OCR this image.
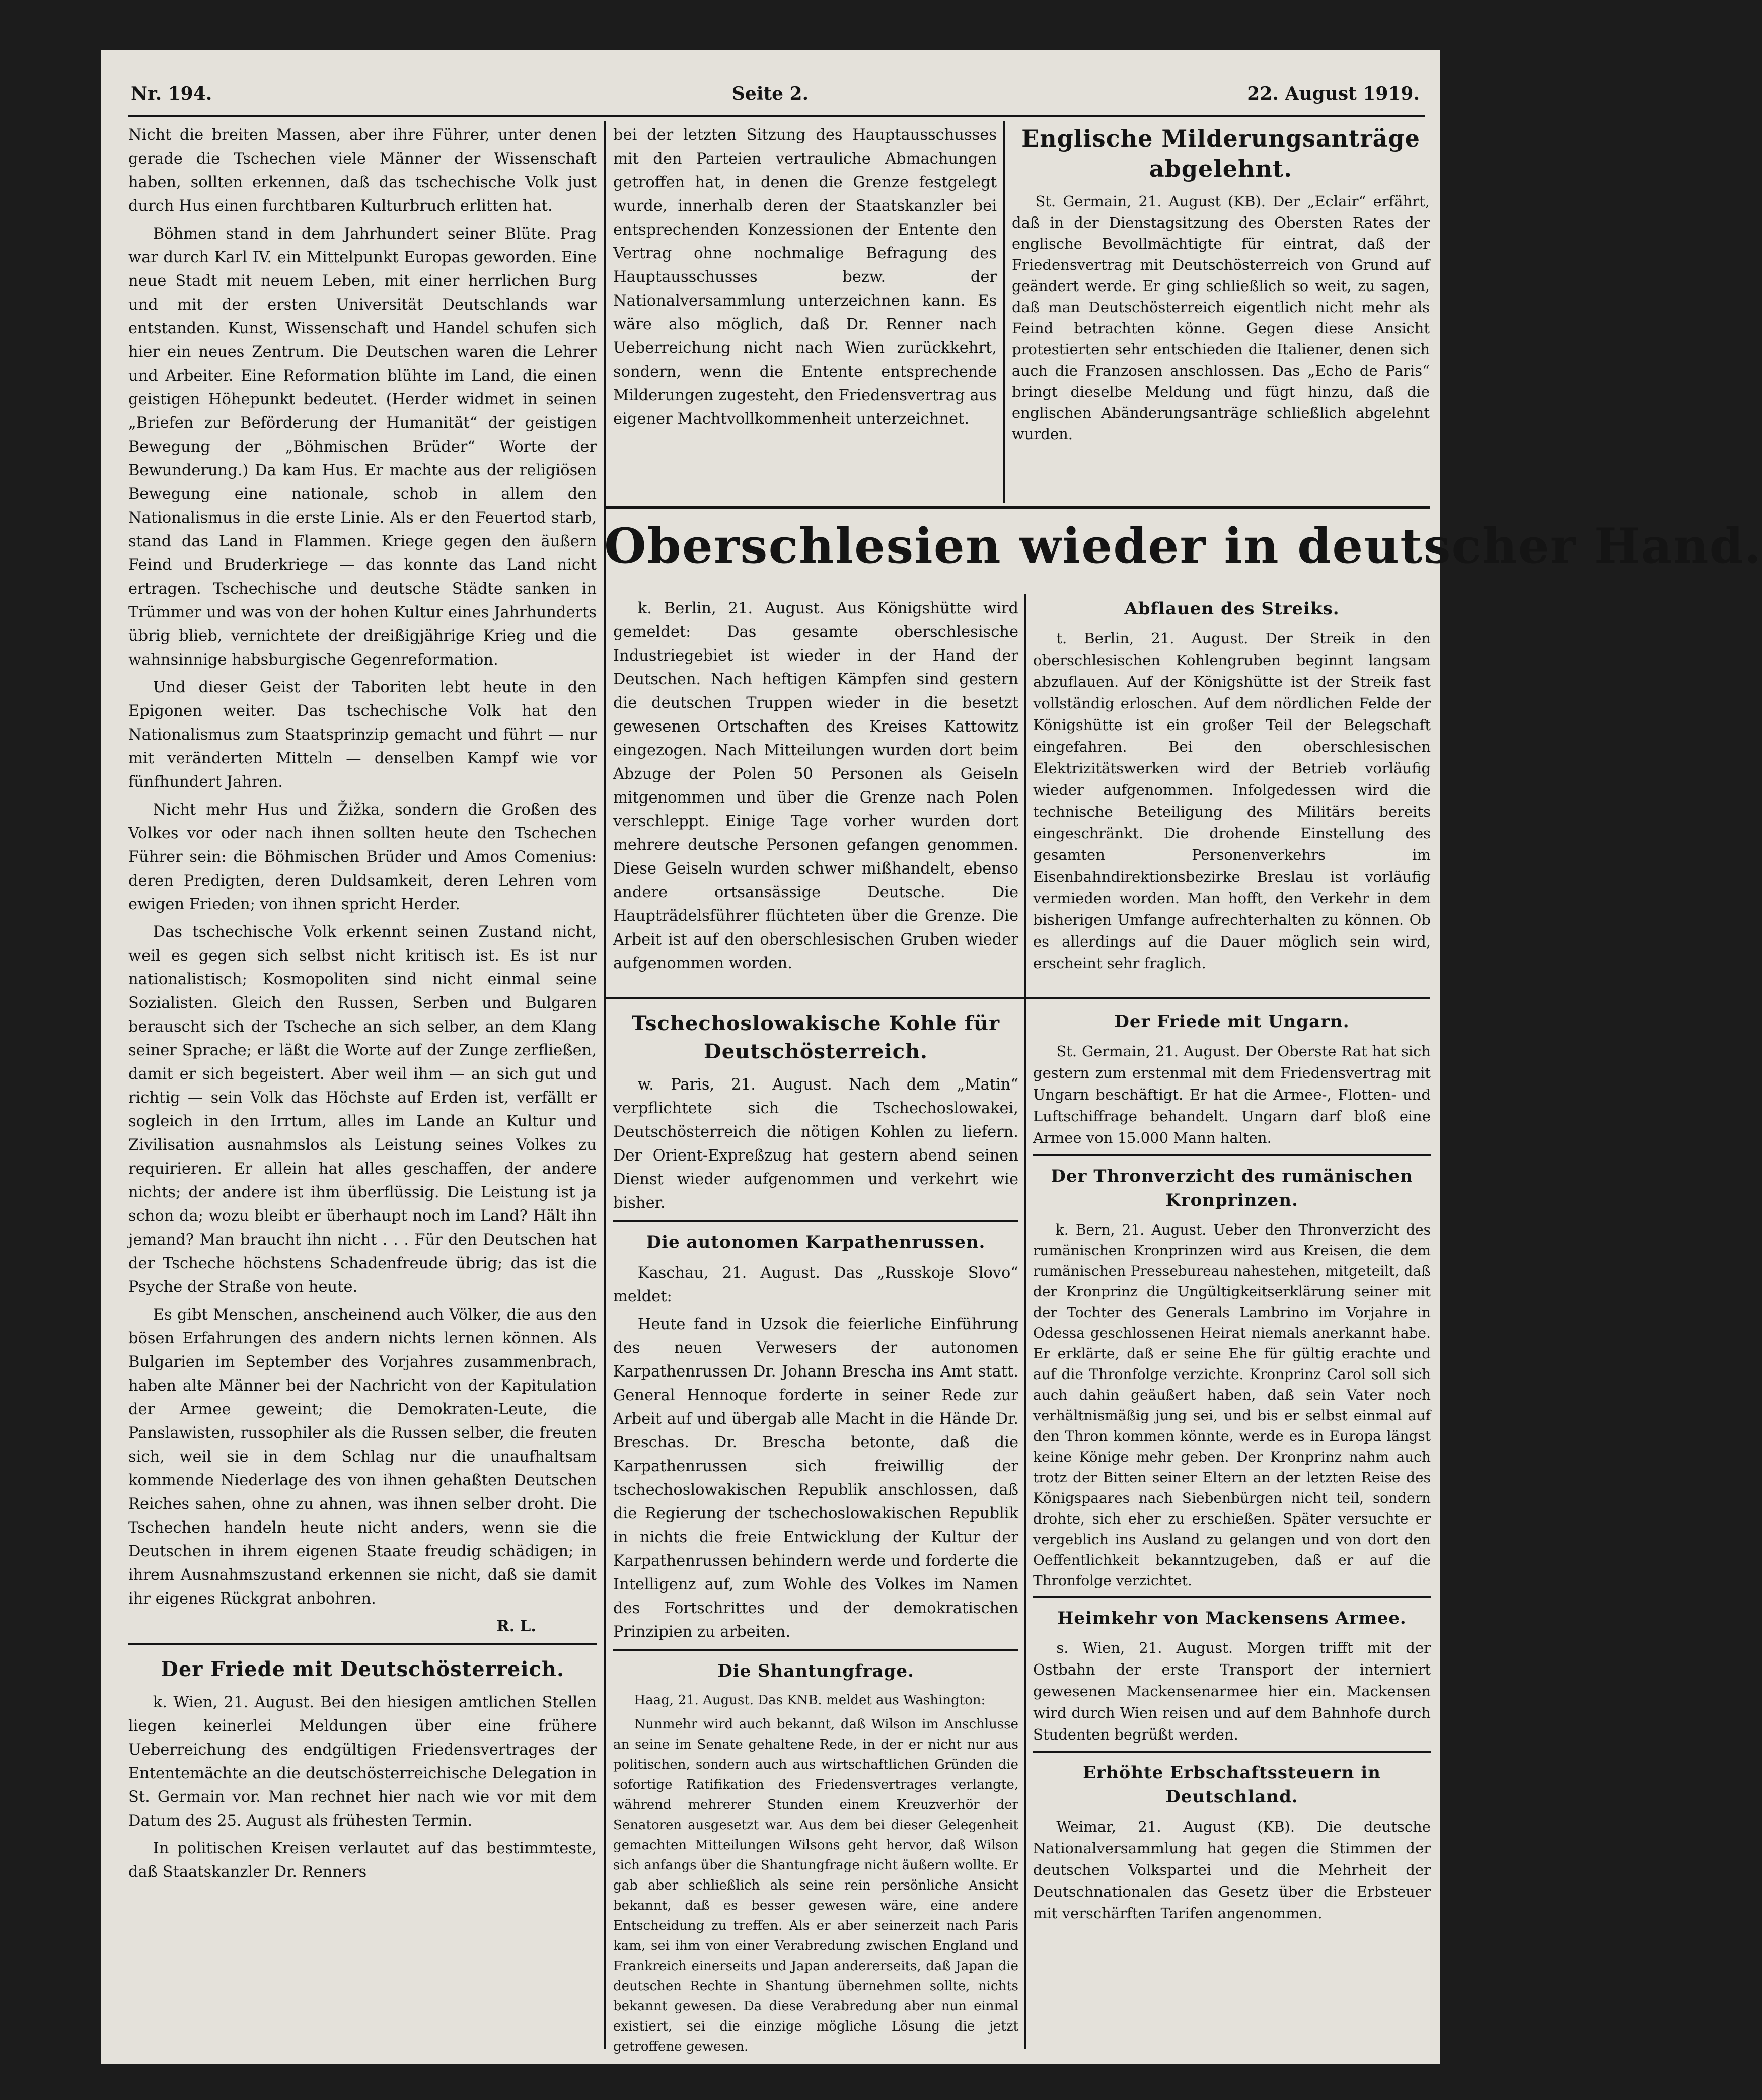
Nr. 194.	Seite 2.	22. August 1919.

Nicht die breiten Massen, aber ihre Führer, unter denen gerade die Tschechen viele Männer der Wissenschaft haben, sollten erkennen, daß das tschechische Volk just durch Hus einen furchtbaren Kulturbruch erlitten hat.

Böhmen stand in dem Jahrhundert seiner Blüte. Prag war durch Karl IV. ein Mittelpunkt Europas geworden. Eine neue Stadt mit neuem Leben, mit einer herrlichen Burg und mit der ersten Universität Deutschlands war entstanden. Kunst, Wissenschaft und Handel schufen sich hier ein neues Zentrum. Die Deutschen waren die Lehrer und Arbeiter. Eine Reformation blühte im Land, die einen geistigen Höhepunkt bedeutet. (Herder widmet in seinen „Briefen zur Beförderung der Humanität“ der geistigen Bewegung der „Böhmischen Brüder“ Worte der Bewunderung.) Da kam Hus. Er machte aus der religiösen Bewegung eine nationale, schob in allem den Nationalismus in die erste Linie. Als er den Feuertod starb, stand das Land in Flammen. Kriege gegen den äußern Feind und Bruderkriege — das konnte das Land nicht ertragen. Tschechische und deutsche Städte sanken in Trümmer und was von der hohen Kultur eines Jahrhunderts übrig blieb, vernichtete der dreißigjährige Krieg und die wahnsinnige habsburgische Gegenreformation.

Und dieser Geist der Taboriten lebt heute in den Epigonen weiter. Das tschechische Volk hat den Nationalismus zum Staatsprinzip gemacht und führt — nur mit veränderten Mitteln — denselben Kampf wie vor fünfhundert Jahren.

Nicht mehr Hus und Žižka, sondern die Großen des Volkes vor oder nach ihnen sollten heute den Tschechen Führer sein: die Böhmischen Brüder und Amos Comenius: deren Predigten, deren Duldsamkeit, deren Lehren vom ewigen Frieden; von ihnen spricht Herder.

Das tschechische Volk erkennt seinen Zustand nicht, weil es gegen sich selbst nicht kritisch ist. Es ist nur nationalistisch; Kosmopoliten sind nicht einmal seine Sozialisten. Gleich den Russen, Serben und Bulgaren berauscht sich der Tscheche an sich selber, an dem Klang seiner Sprache; er läßt die Worte auf der Zunge zerfließen, damit er sich begeistert. Aber weil ihm — an sich gut und richtig — sein Volk das Höchste auf Erden ist, verfällt er sogleich in den Irrtum, alles im Lande an Kultur und Zivilisation ausnahmslos als Leistung seines Volkes zu requirieren. Er allein hat alles geschaffen, der andere nichts; der andere ist ihm überflüssig. Die Leistung ist ja schon da; wozu bleibt er überhaupt noch im Land? Hält ihn jemand? Man braucht ihn nicht . . . Für den Deutschen hat der Tscheche höchstens Schadenfreude übrig; das ist die Psyche der Straße von heute.

Es gibt Menschen, anscheinend auch Völker, die aus den bösen Erfahrungen des andern nichts lernen können. Als Bulgarien im September des Vorjahres zusammenbrach, haben alte Männer bei der Nachricht von der Kapitulation der Armee geweint; die Demokraten-Leute, die Panslawisten, russophiler als die Russen selber, die freuten sich, weil sie in dem Schlag nur die unaufhaltsam kommende Niederlage des von ihnen gehaßten Deutschen Reiches sahen, ohne zu ahnen, was ihnen selber droht. Die Tschechen handeln heute nicht anders, wenn sie die Deutschen in ihrem eigenen Staate freudig schädigen; in ihrem Ausnahmszustand erkennen sie nicht, daß sie damit ihr eigenes Rückgrat anbohren.

R. L.

Der Friede mit Deutschösterreich.

k. Wien, 21. August. Bei den hiesigen amtlichen Stellen liegen keinerlei Meldungen über eine frühere Ueberreichung des endgültigen Friedensvertrages der Ententemächte an die deutschösterreichische Delegation in St. Germain vor. Man rechnet hier nach wie vor mit dem Datum des 25. August als frühesten Termin.

In politischen Kreisen verlautet auf das bestimmteste, daß Staatskanzler Dr. Renners

bei der letzten Sitzung des Hauptausschusses mit den Parteien vertrauliche Abmachungen getroffen hat, in denen die Grenze festgelegt wurde, innerhalb deren der Staatskanzler bei entsprechenden Konzessionen der Entente den Vertrag ohne nochmalige Befragung des Hauptausschusses bezw. der Nationalversammlung unterzeichnen kann. Es wäre also möglich, daß Dr. Renner nach Ueberreichung nicht nach Wien zurückkehrt, sondern, wenn die Entente entsprechende Milderungen zugesteht, den Friedensvertrag aus eigener Machtvollkommenheit unterzeichnet.

Englische Milderungsanträge abgelehnt.

St. Germain, 21. August (KB). Der „Eclair“ erfährt, daß in der Dienstagsitzung des Obersten Rates der englische Bevollmächtigte für eintrat, daß der Friedensvertrag mit Deutschösterreich von Grund auf geändert werde. Er ging schließlich so weit, zu sagen, daß man Deutschösterreich eigentlich nicht mehr als Feind betrachten könne. Gegen diese Ansicht protestierten sehr entschieden die Italiener, denen sich auch die Franzosen anschlossen. Das „Echo de Paris“ bringt dieselbe Meldung und fügt hinzu, daß die englischen Abänderungsanträge schließlich abgelehnt wurden.

Oberschlesien wieder in deutscher Hand.

k. Berlin, 21. August. Aus Königshütte wird gemeldet: Das gesamte oberschlesische Industriegebiet ist wieder in der Hand der Deutschen. Nach heftigen Kämpfen sind gestern die deutschen Truppen wieder in die besetzt gewesenen Ortschaften des Kreises Kattowitz eingezogen. Nach Mitteilungen wurden dort beim Abzuge der Polen 50 Personen als Geiseln mitgenommen und über die Grenze nach Polen verschleppt. Einige Tage vorher wurden dort mehrere deutsche Personen gefangen genommen. Diese Geiseln wurden schwer mißhandelt, ebenso andere ortsansässige Deutsche. Die Haupträdelsführer flüchteten über die Grenze. Die Arbeit ist auf den oberschlesischen Gruben wieder aufgenommen worden.

Abflauen des Streiks.

t. Berlin, 21. August. Der Streik in den oberschlesischen Kohlengruben beginnt langsam abzuflauen. Auf der Königshütte ist der Streik fast vollständig erloschen. Auf dem nördlichen Felde der Königshütte ist ein großer Teil der Belegschaft eingefahren. Bei den oberschlesischen Elektrizitätswerken wird der Betrieb vorläufig wieder aufgenommen. Infolgedessen wird die technische Beteiligung des Militärs bereits eingeschränkt. Die drohende Einstellung des gesamten Personenverkehrs im Eisenbahndirektionsbezirke Breslau ist vorläufig vermieden worden. Man hofft, den Verkehr in dem bisherigen Umfange aufrechterhalten zu können. Ob es allerdings auf die Dauer möglich sein wird, erscheint sehr fraglich.

Tschechoslowakische Kohle für Deutschösterreich.

w. Paris, 21. August. Nach dem „Matin“ verpflichtete sich die Tschechoslowakei, Deutschösterreich die nötigen Kohlen zu liefern. Der Orient-Expreßzug hat gestern abend seinen Dienst wieder aufgenommen und verkehrt wie bisher.

Die autonomen Karpathenrussen.

Kaschau, 21. August. Das „Russkoje Slovo“ meldet:

Heute fand in Uzsok die feierliche Einführung des neuen Verwesers der autonomen Karpathenrussen Dr. Johann Brescha ins Amt statt. General Hennoque forderte in seiner Rede zur Arbeit auf und übergab alle Macht in die Hände Dr. Breschas. Dr. Brescha betonte, daß die Karpathenrussen sich freiwillig der tschechoslowakischen Republik anschlossen, daß die Regierung der tschechoslowakischen Republik in nichts die freie Entwicklung der Kultur der Karpathenrussen behindern werde und forderte die Intelligenz auf, zum Wohle des Volkes im Namen des Fortschrittes und der demokratischen Prinzipien zu arbeiten.

Die Shantungfrage.

Haag, 21. August. Das KNB. meldet aus Washington:

Nunmehr wird auch bekannt, daß Wilson im Anschlusse an seine im Senate gehaltene Rede, in der er nicht nur aus politischen, sondern auch aus wirtschaftlichen Gründen die sofortige Ratifikation des Friedensvertrages verlangte, während mehrerer Stunden einem Kreuzverhör der Senatoren ausgesetzt war. Aus dem bei dieser Gelegenheit gemachten Mitteilungen Wilsons geht hervor, daß Wilson sich anfangs über die Shantungfrage nicht äußern wollte. Er gab aber schließlich als seine rein persönliche Ansicht bekannt, daß es besser gewesen wäre, eine andere Entscheidung zu treffen. Als er aber seinerzeit nach Paris kam, sei ihm von einer Verabredung zwischen England und Frankreich einerseits und Japan andererseits, daß Japan die deutschen Rechte in Shantung übernehmen sollte, nichts bekannt gewesen. Da diese Verabredung aber nun einmal existiert, sei die einzige mögliche Lösung die jetzt getroffene gewesen.

Der Friede mit Ungarn.

St. Germain, 21. August. Der Oberste Rat hat sich gestern zum erstenmal mit dem Friedensvertrag mit Ungarn beschäftigt. Er hat die Armee-, Flotten- und Luftschiffrage behandelt. Ungarn darf bloß eine Armee von 15.000 Mann halten.

Der Thronverzicht des rumänischen Kronprinzen.

k. Bern, 21. August. Ueber den Thronverzicht des rumänischen Kronprinzen wird aus Kreisen, die dem rumänischen Pressebureau nahestehen, mitgeteilt, daß der Kronprinz die Ungültigkeitserklärung seiner mit der Tochter des Generals Lambrino im Vorjahre in Odessa geschlossenen Heirat niemals anerkannt habe. Er erklärte, daß er seine Ehe für gültig erachte und auf die Thronfolge verzichte. Kronprinz Carol soll sich auch dahin geäußert haben, daß sein Vater noch verhältnismäßig jung sei, und bis er selbst einmal auf den Thron kommen könnte, werde es in Europa längst keine Könige mehr geben. Der Kronprinz nahm auch trotz der Bitten seiner Eltern an der letzten Reise des Königspaares nach Siebenbürgen nicht teil, sondern drohte, sich eher zu erschießen. Später versuchte er vergeblich ins Ausland zu gelangen und von dort den Oeffentlichkeit bekanntzugeben, daß er auf die Thronfolge verzichtet.

Heimkehr von Mackensens Armee.

s. Wien, 21. August. Morgen trifft mit der Ostbahn der erste Transport der interniert gewesenen Mackensenarmee hier ein. Mackensen wird durch Wien reisen und auf dem Bahnhofe durch Studenten begrüßt werden.

Erhöhte Erbschaftssteuern in Deutschland.

Weimar, 21. August (KB). Die deutsche Nationalversammlung hat gegen die Stimmen der deutschen Volkspartei und die Mehrheit der Deutschnationalen das Gesetz über die Erbsteuer mit verschärften Tarifen angenommen.
